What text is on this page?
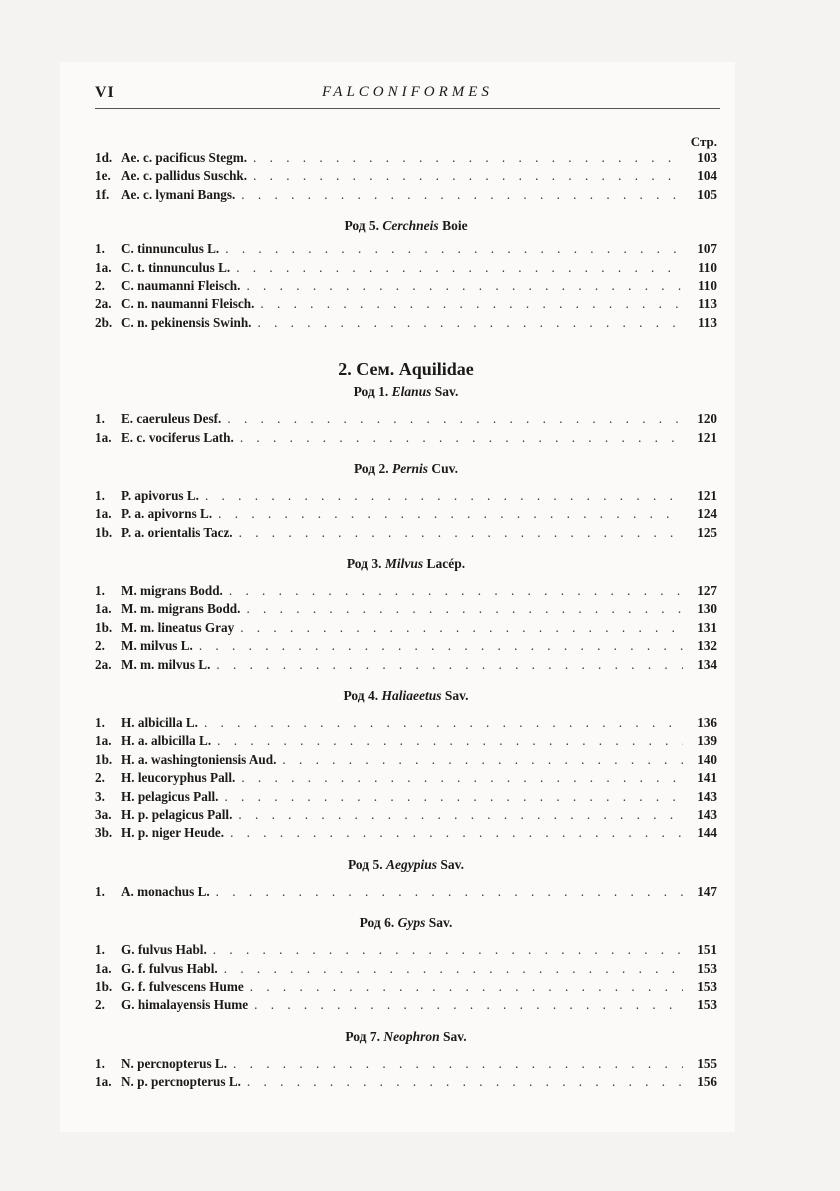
VI	FALCONIFORMES
Стр.
1d. Ae. c. pacificus Stegm. . . .	103
1e. Ae. c. pallidus Suschk. . . .	104
1f. Ae. c. lymani Bangs. . . .	105
Род 5. Cerchneis Boie
1.	C. tinnunculus L. . . .	107
1a. C. t. tinnunculus L. . . .	110
2.	C. naumanni Fleisch. . . .	110
2a. C. n. naumanni Fleisch. . . .	113
2b. C. n. pekinensis Swinh. . . .	113
2. Сем. Aquilidae
Род 1. Elanus Sav.
1.	E. caeruleus Desf. . . .	120
1a. E. c. vociferus Lath. . . .	121
Род 2. Pernis Cuv.
1.	P. apivorus L. . . .	121
1a. P. a. apivorns L. . . .	124
1b. P. a. orientalis Tacz. . . .	125
Род 3. Milvus Lacép.
1.	M. migrans Bodd. . . .	127
1a. M. m. migrans Bodd. . . .	130
1b. M. m. lineatus Gray . . .	131
2.	M. milvus L. . . .	132
2a. M. m. milvus L. . . .	134
Род 4. Haliaeetus Sav.
1.	H. albicilla L. . . .	136
1a. H. a. albicilla L. . . .	139
1b. H. a. washingtoniensis Aud. . . .	140
2.	H. leucoryphus Pall. . . .	141
3.	H. pelagicus Pall. . . .	143
3a. H. p. pelagicus Pall. . . .	143
3b. H. p. niger Heude. . . .	144
Род 5. Aegypius Sav.
1.	A. monachus L. . . .	147
Род 6. Gyps Sav.
1.	G. fulvus Habl. . . .	151
1a. G. f. fulvus Habl. . . .	153
1b. G. f. fulvescens Hume . . .	153
2.	G. himalayensis Hume . . .	153
Род 7. Neophron Sav.
1.	N. percnopterus L. . . .	155
1a. N. p. percnopterus L. . . .	156
